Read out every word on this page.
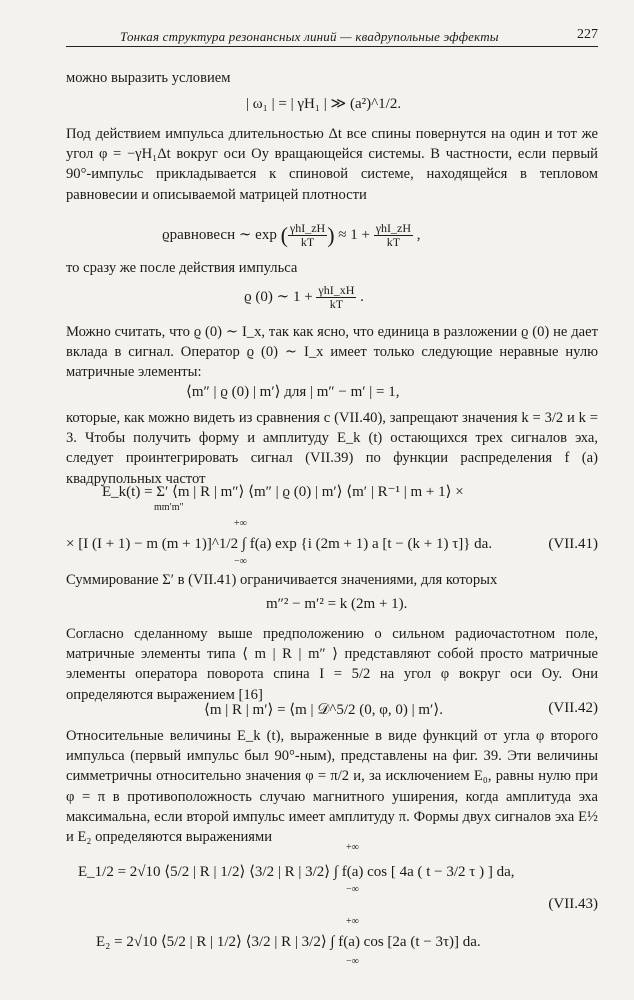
Тонкая структура резонансных линий — квадрупольные эффекты	227
можно выразить условием
| ω₁ | = | γH₁ | ≫ (a²)^1/2.
Под действием импульса длительностью Δt все спины повернутся на один и тот же угол φ = −γH₁Δt вокруг оси Oy вращающейся системы. В частности, если первый 90°-импульс прикладывается к спиновой системе, находящейся в тепловом равновесии и описываемой матрицей плотности
ϱравновесн ∼ exp ( $\frac{\text{γhI\_zH}}{kT}$ ) ≈ $1 + \frac{\text{γhI\_zH}}{kT}$ ,
то сразу же после действия импульса
ϱ (0) ∼ $1 + \frac{\text{γhI\_xH}}{kT}$ .
Можно считать, что ϱ (0) ∼ I_x, так как ясно, что единица в разложении ϱ (0) не дает вклада в сигнал. Оператор ϱ (0) ∼ I_x имеет только следующие неравные нулю матричные элементы:
⟨m″ | ϱ (0) | m′⟩ для | m″ − m′ | = 1,
которые, как можно видеть из сравнения с (VII.40), запрещают значения k = 3/2 и k = 3. Чтобы получить форму и амплитуду E_k (t) остающихся трех сигналов эха, следует проинтегрировать сигнал (VII.39) по функции распределения f (a) квадрупольных частот
E_k(t) = Σ′ ⟨m | R | m″⟩ ⟨m″ | ϱ (0) | m′⟩ ⟨m′ | R⁻¹ | m + 1⟩ ×
mm′m″
+∞
× [I (I + 1) − m (m + 1)]^1/2 ∫ f(a) exp {i (2m + 1) a [t − (k + 1) τ]} da.
−∞
(VII.41)
Суммирование Σ′ в (VII.41) ограничивается значениями, для которых
m″² − m′² = k (2m + 1).
Согласно сделанному выше предположению о сильном радиочастотном поле, матричные элементы типа ⟨ m | R | m″ ⟩ представляют собой просто матричные элементы оператора поворота спина I = 5/2 на угол φ вокруг оси Oy. Они определяются выражением [16]
⟨m | R | m′⟩ = ⟨m | 𝒟^5/2 (0, φ, 0) | m′⟩.	(VII.42)
Относительные величины E_k (t), выраженные в виде функций от угла φ второго импульса (первый импульс был 90°-ным), представлены на фиг. 39. Эти величины симметричны относительно значения φ = π/2 и, за исключением E₀, равны нулю при φ = π в противоположность случаю магнитного уширения, когда амплитуда эха максимальна, если второй импульс имеет амплитуду π. Формы двух сигналов эха E½ и E₂ определяются выражениями
+∞
E_1/2 = 2√10 ⟨5/2 | R | 1/2⟩ ⟨3/2 | R | 3/2⟩ ∫ f(a) cos [ 4a ( t − 3/2 τ ) ] da,
−∞
(VII.43)
+∞
E₂ = 2√10 ⟨5/2 | R | 1/2⟩ ⟨3/2 | R | 3/2⟩ ∫ f(a) cos [2a (t − 3τ)] da.
−∞
